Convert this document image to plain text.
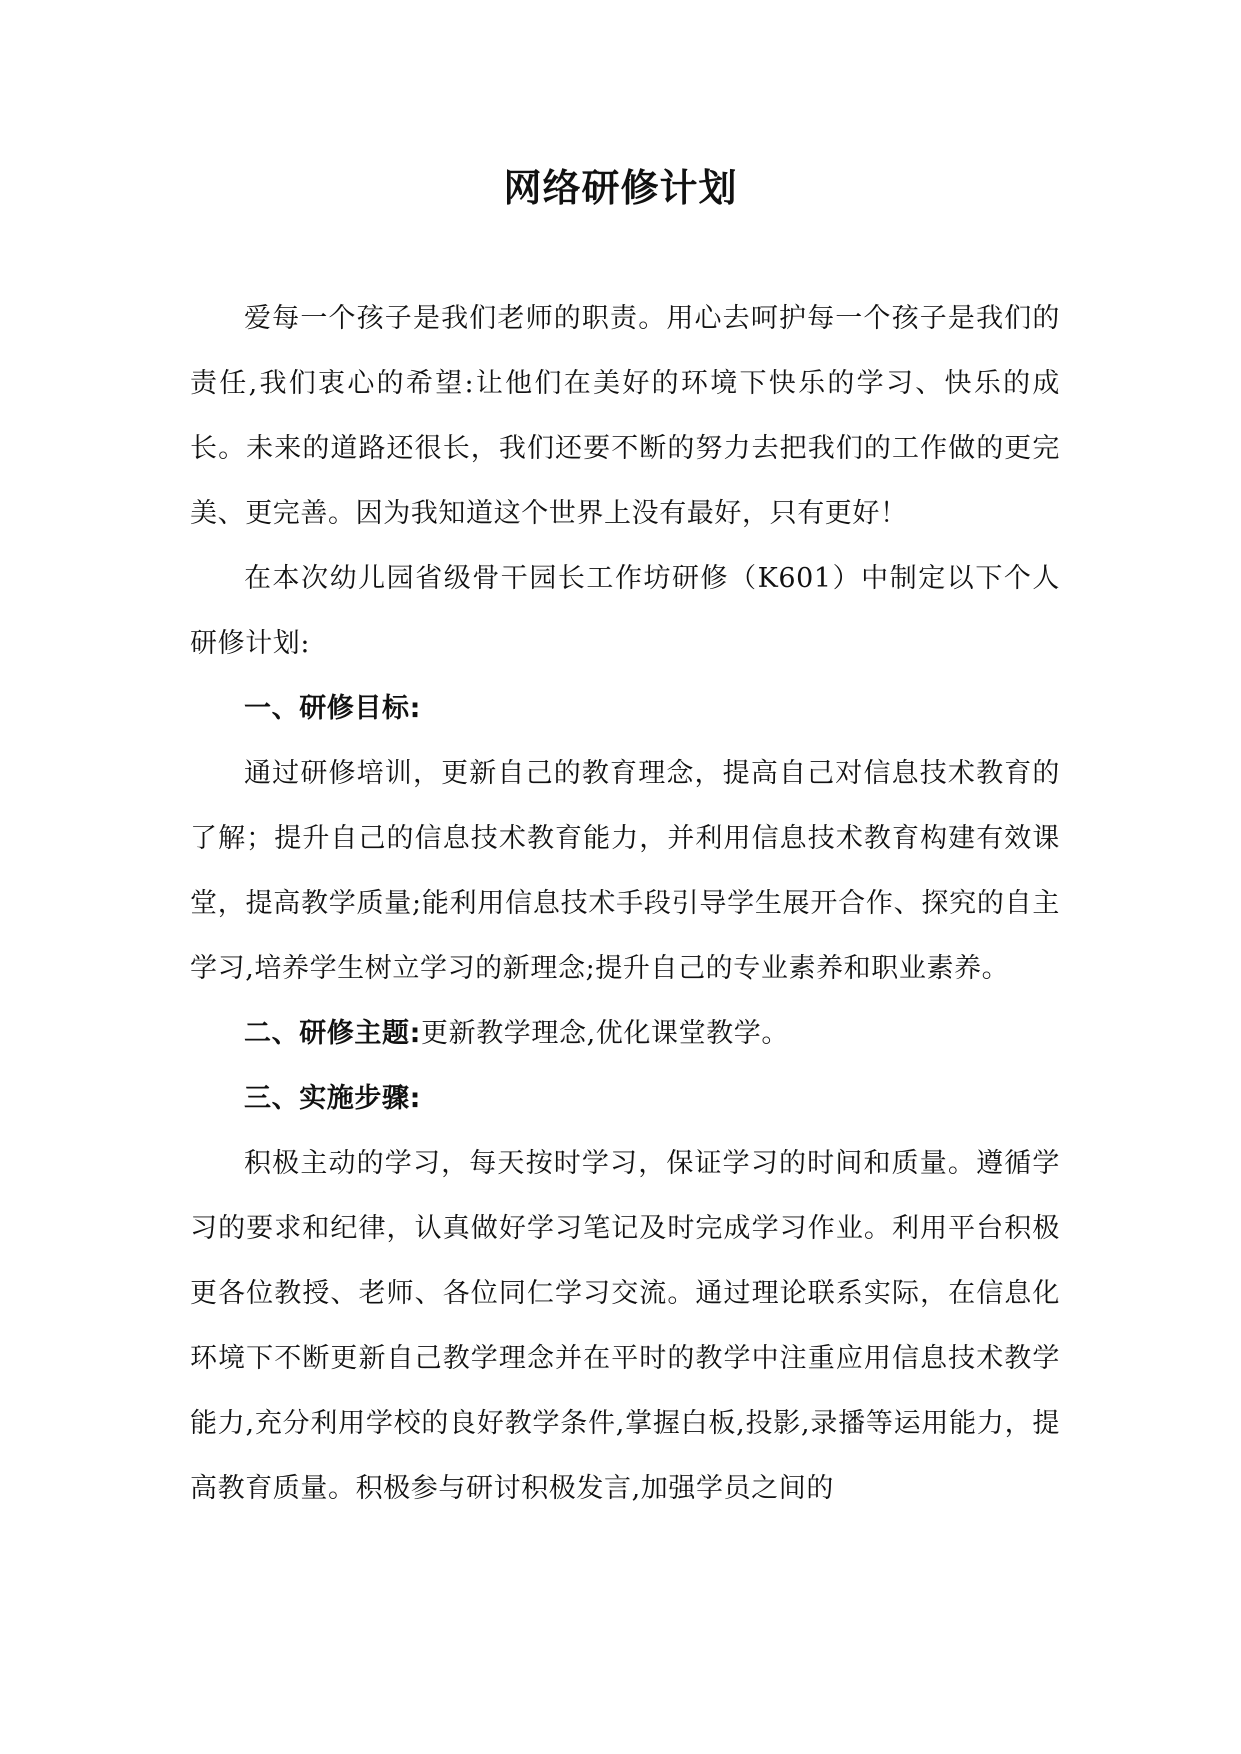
网络研修计划

爱每一个孩子是我们老师的职责。用心去呵护每一个孩子是我们的责任,我们衷心的希望:让他们在美好的环境下快乐的学习、快乐的成长。未来的道路还很长，我们还要不断的努力去把我们的工作做的更完美、更完善。因为我知道这个世界上没有最好，只有更好！

在本次幼儿园省级骨干园长工作坊研修（K601）中制定以下个人研修计划:

一、研修目标:

通过研修培训，更新自己的教育理念，提高自己对信息技术教育的了解；提升自己的信息技术教育能力，并利用信息技术教育构建有效课堂，提高教学质量;能利用信息技术手段引导学生展开合作、探究的自主学习,培养学生树立学习的新理念;提升自己的专业素养和职业素养。

二、研修主题:更新教学理念,优化课堂教学。

三、实施步骤:

积极主动的学习，每天按时学习，保证学习的时间和质量。遵循学习的要求和纪律，认真做好学习笔记及时完成学习作业。利用平台积极更各位教授、老师、各位同仁学习交流。通过理论联系实际，在信息化环境下不断更新自己教学理念并在平时的教学中注重应用信息技术教学能力,充分利用学校的良好教学条件,掌握白板,投影,录播等运用能力，提高教育质量。积极参与研讨积极发言,加强学员之间的
